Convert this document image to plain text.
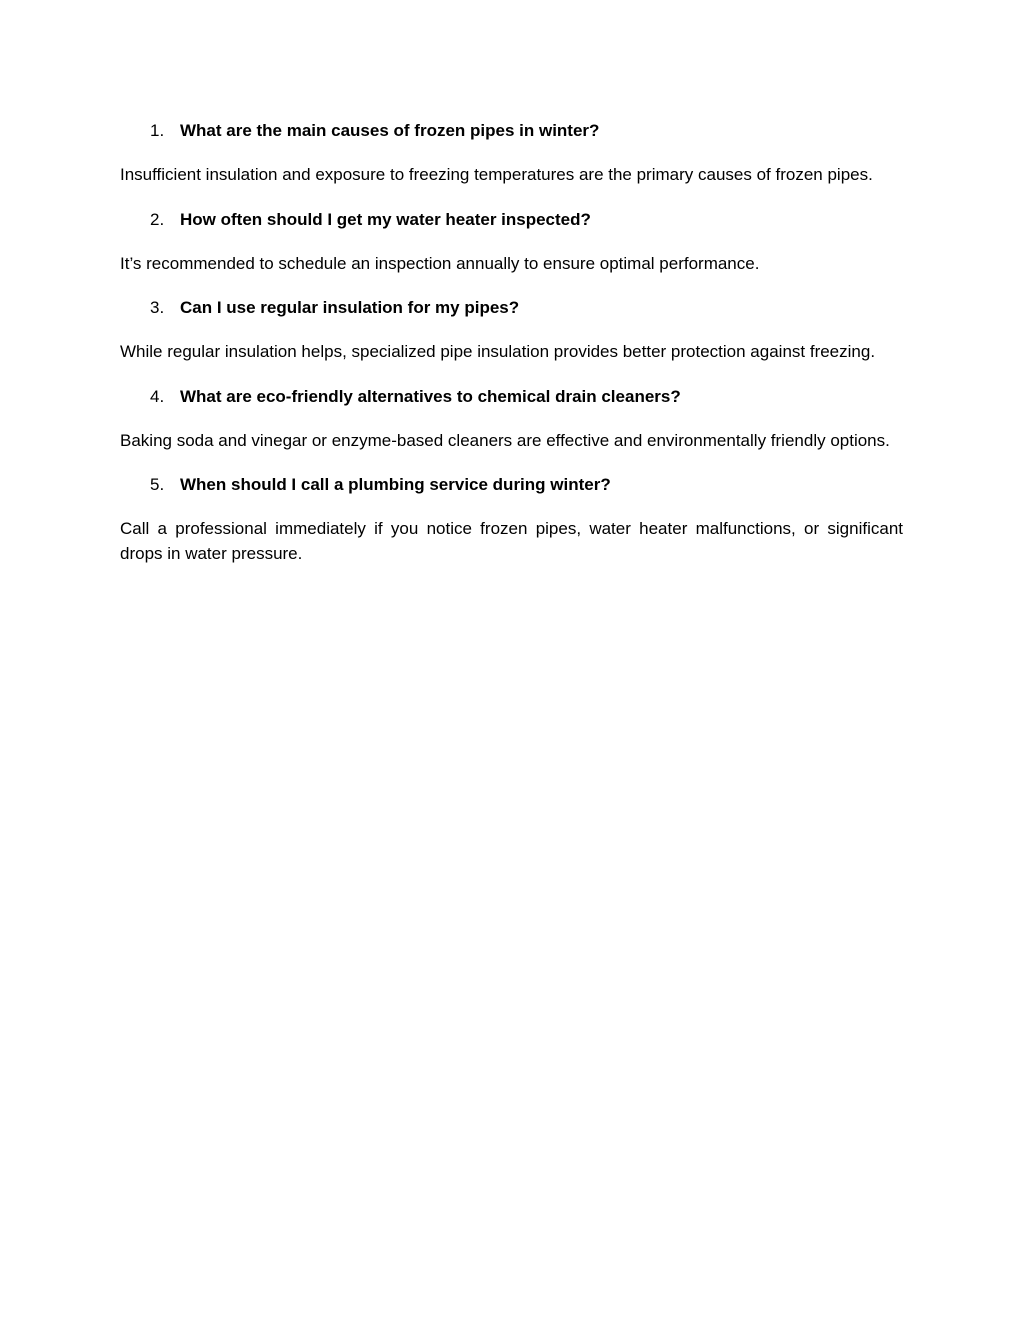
1. What are the main causes of frozen pipes in winter?

Insufficient insulation and exposure to freezing temperatures are the primary causes of frozen pipes.

2. How often should I get my water heater inspected?

It’s recommended to schedule an inspection annually to ensure optimal performance.

3. Can I use regular insulation for my pipes?

While regular insulation helps, specialized pipe insulation provides better protection against freezing.

4. What are eco-friendly alternatives to chemical drain cleaners?

Baking soda and vinegar or enzyme-based cleaners are effective and environmentally friendly options.

5. When should I call a plumbing service during winter?

Call a professional immediately if you notice frozen pipes, water heater malfunctions, or significant drops in water pressure.
